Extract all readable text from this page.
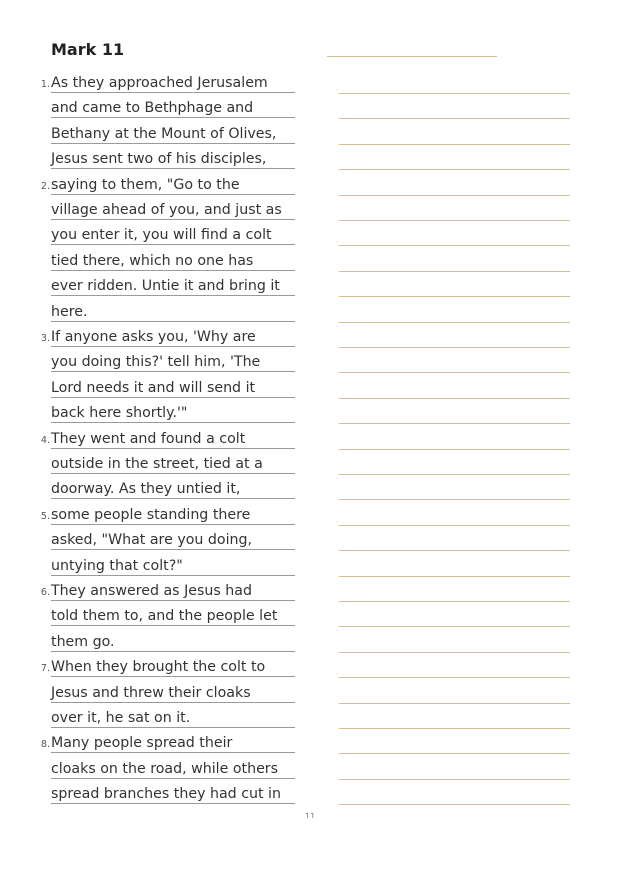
Mark 11
1. As they approached Jerusalem
and came to Bethphage and
Bethany at the Mount of Olives,
Jesus sent two of his disciples,
2. saying to them, "Go to the
village ahead of you, and just as
you enter it, you will find a colt
tied there, which no one has
ever ridden. Untie it and bring it
here.
3. If anyone asks you, 'Why are
you doing this?' tell him, 'The
Lord needs it and will send it
back here shortly.'"
4. They went and found a colt
outside in the street, tied at a
doorway. As they untied it,
5. some people standing there
asked, "What are you doing,
untying that colt?"
6. They answered as Jesus had
told them to, and the people let
them go.
7. When they brought the colt to
Jesus and threw their cloaks
over it, he sat on it.
8. Many people spread their
cloaks on the road, while others
spread branches they had cut in
11
